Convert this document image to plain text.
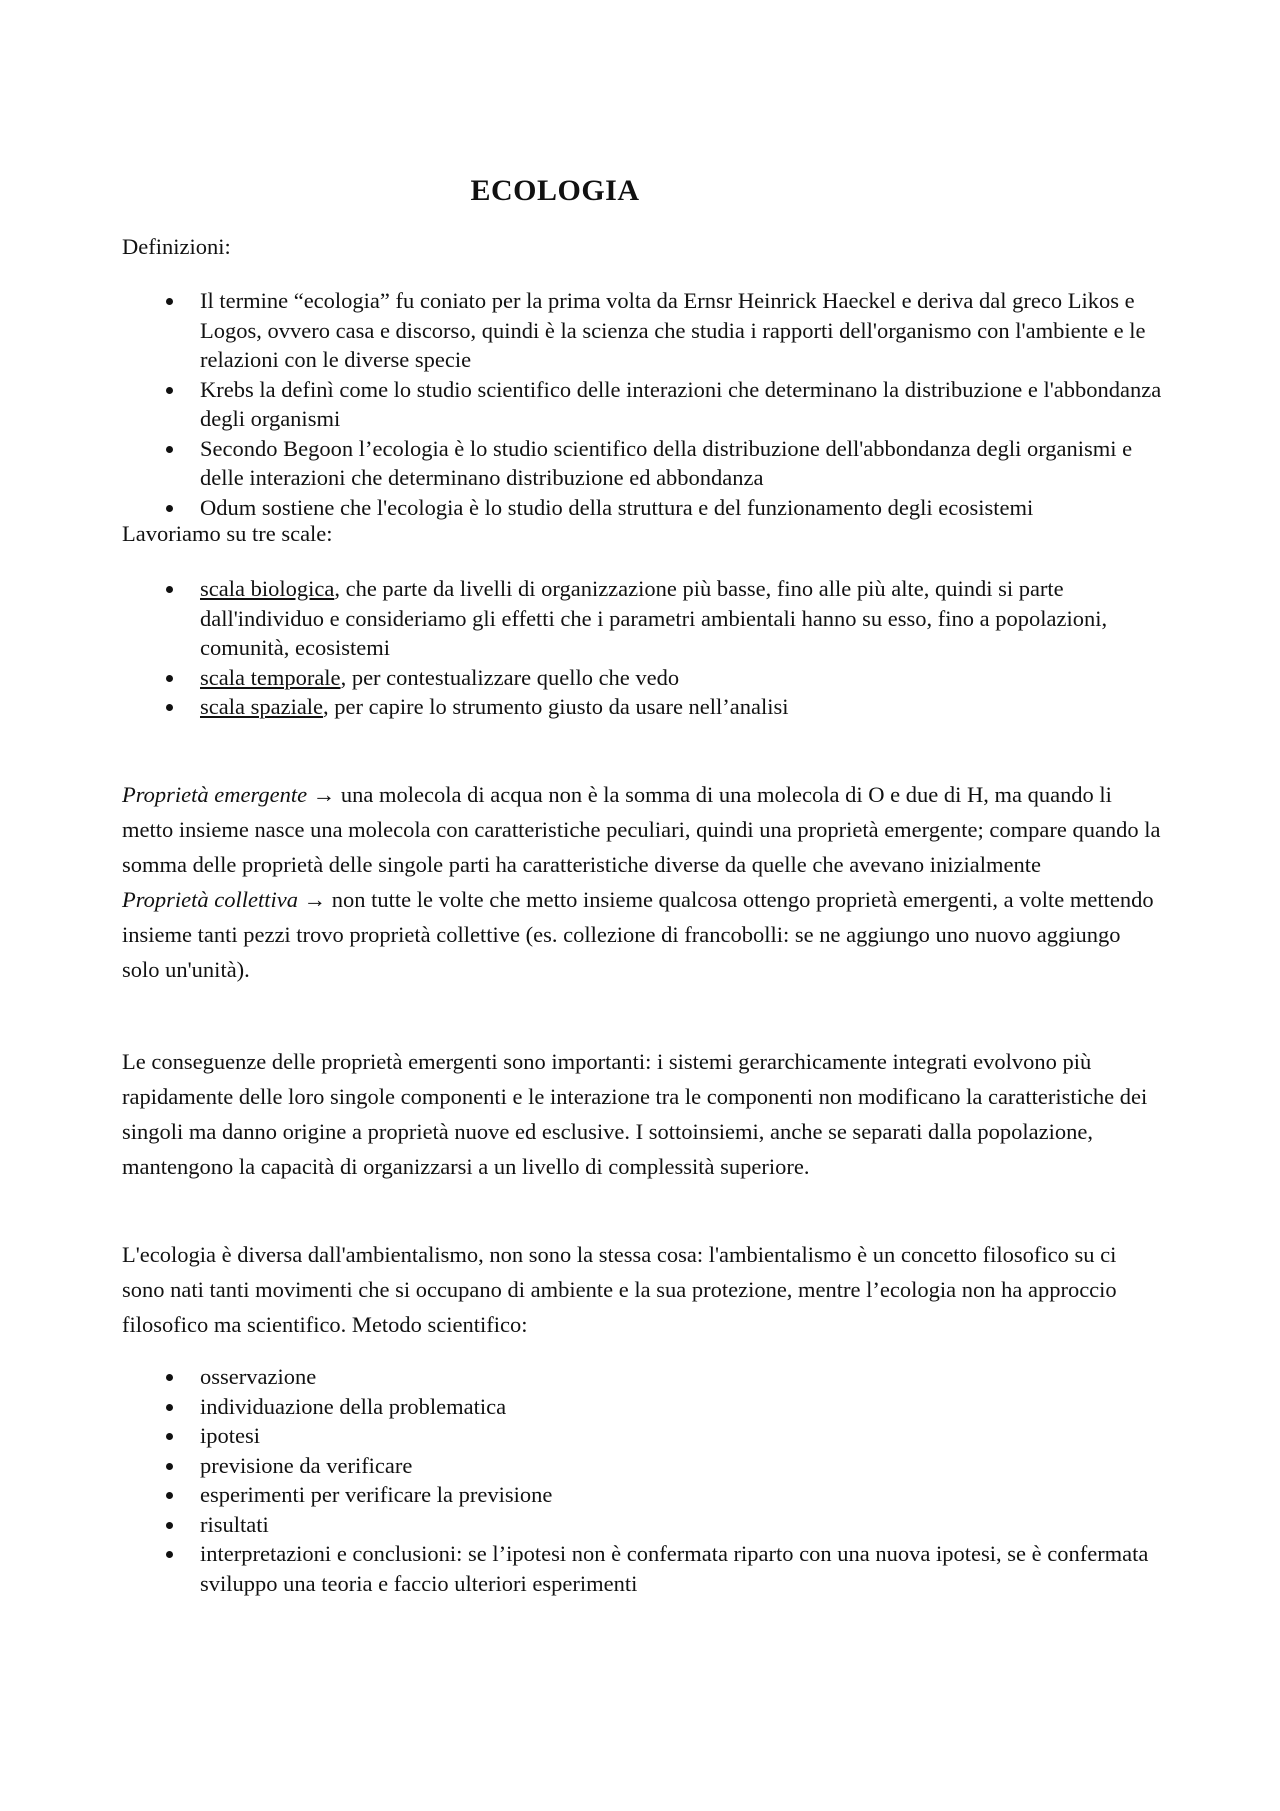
ECOLOGIA
Definizioni:
Il termine “ecologia” fu coniato per la prima volta da Ernsr Heinrick Haeckel e deriva dal greco Likos e Logos, ovvero casa e discorso, quindi è la scienza che studia i rapporti dell'organismo con l'ambiente e le relazioni con le diverse specie
Krebs la definì come lo studio scientifico delle interazioni che determinano la distribuzione e l'abbondanza degli organismi
Secondo Begoon l’ecologia è lo studio scientifico della distribuzione dell'abbondanza degli organismi e delle interazioni che determinano distribuzione ed abbondanza
Odum sostiene che l'ecologia è lo studio della struttura e del funzionamento degli ecosistemi
Lavoriamo su tre scale:
scala biologica, che parte da livelli di organizzazione più basse, fino alle più alte, quindi si parte dall'individuo e consideriamo gli effetti che i parametri ambientali hanno su esso, fino a popolazioni, comunità, ecosistemi
scala temporale, per contestualizzare quello che vedo
scala spaziale, per capire lo strumento giusto da usare nell’analisi

Proprietà emergente → una molecola di acqua non è la somma di una molecola di O e due di H, ma quando li metto insieme nasce una molecola con caratteristiche peculiari, quindi una proprietà emergente; compare quando la somma delle proprietà delle singole parti ha caratteristiche diverse da quelle che avevano inizialmente
Proprietà collettiva → non tutte le volte che metto insieme qualcosa ottengo proprietà emergenti, a volte mettendo insieme tanti pezzi trovo proprietà collettive (es. collezione di francobolli: se ne aggiungo uno nuovo aggiungo solo un'unità).

Le conseguenze delle proprietà emergenti sono importanti: i sistemi gerarchicamente integrati evolvono più rapidamente delle loro singole componenti e le interazione tra le componenti non modificano la caratteristiche dei singoli ma danno origine a proprietà nuove ed esclusive. I sottoinsiemi, anche se separati dalla popolazione, mantengono la capacità di organizzarsi a un livello di complessità superiore.

L'ecologia è diversa dall'ambientalismo, non sono la stessa cosa: l'ambientalismo è un concetto filosofico su ci sono nati tanti movimenti che si occupano di ambiente e la sua protezione, mentre l’ecologia non ha approccio filosofico ma scientifico. Metodo scientifico:

osservazione
individuazione della problematica
ipotesi
previsione da verificare
esperimenti per verificare la previsione
risultati
interpretazioni e conclusioni: se l’ipotesi non è confermata riparto con una nuova ipotesi, se è confermata sviluppo una teoria e faccio ulteriori esperimenti
